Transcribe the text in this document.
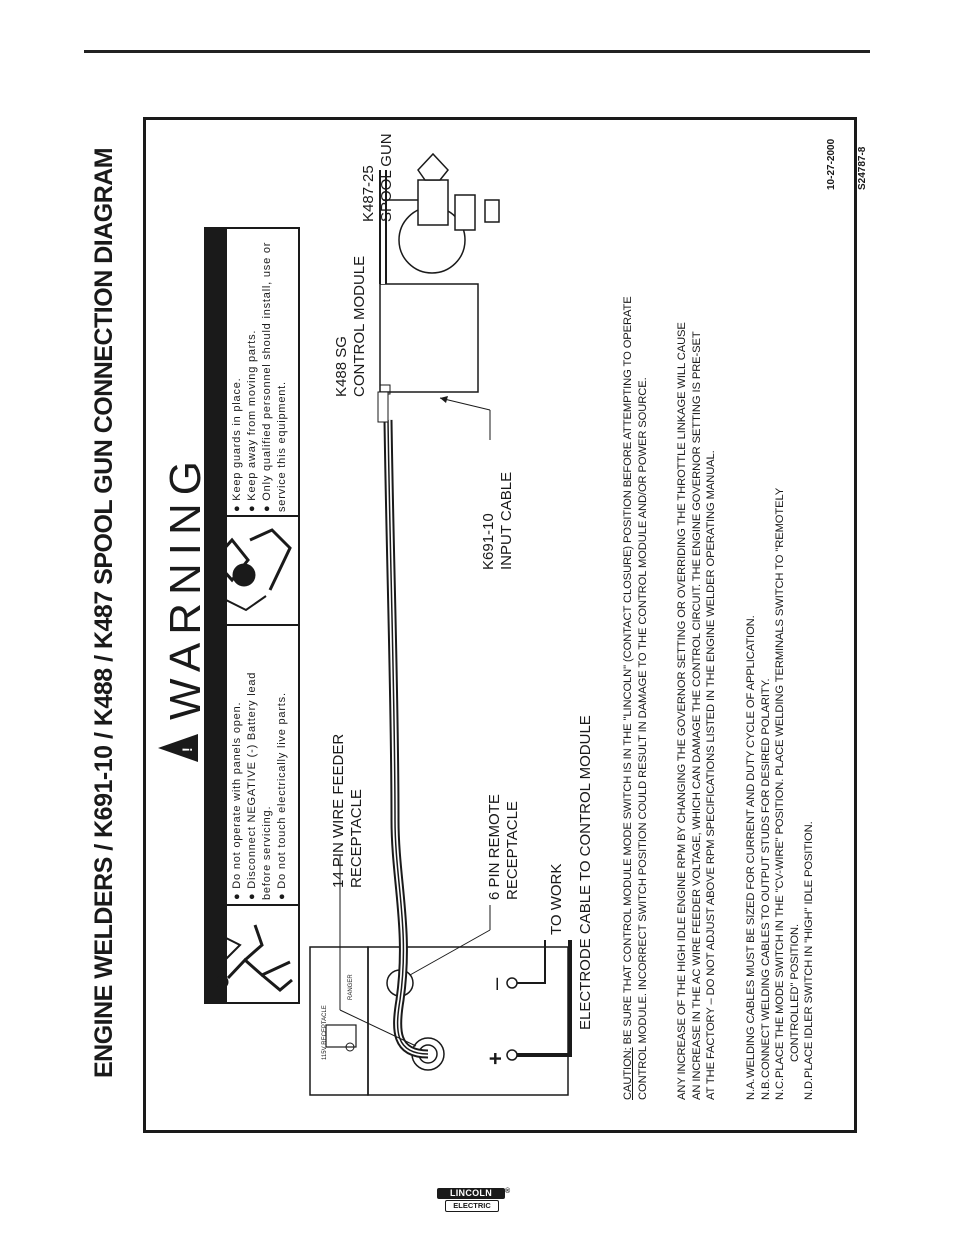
ENGINE WELDERS / K691-10 / K488 / K487 SPOOL GUN CONNECTION DIAGRAM	!
WARNING
● Do not operate with panels open.
● Disconnect NEGATIVE (-) Battery lead before servicing. ● Do not touch electrically live parts.
● Keep guards in place.
● Keep away from moving parts.
● Only qualified personnel should install, use or service this equipment.
115V RECEPTACLE
RANGER
+
–
14 PIN WIRE FEEDER RECEPTACLE	6 PIN REMOTE RECEPTACLE TO WORK ELECTRODE CABLE TO CONTROL MODULE
K691-10 INPUT CABLE
K488 SG CONTROL MODULE
K487-25 SPOOL GUN
CAUTION: BE SURE THAT CONTROL MODULE MODE SWITCH IS IN THE "LINCOLN" (CONTACT CLOSURE) POSITION BEFORE ATTEMPTING TO OPERATE CONTROL MODULE. INCORRECT SWITCH POSITION COULD RESULT IN DAMAGE TO THE CONTROL MODULE AND/OR POWER SOURCE. ANY INCREASE OF THE HIGH IDLE ENGINE RPM BY CHANGING THE GOVERNOR SETTING OR OVERRIDING THE THROTTLE LINKAGE WILL CAUSE AN INCREASE IN THE AC WIRE FEEDER VOLTAGE, WHICH CAN DAMAGE THE CONTROL CIRCUIT. THE ENGINE GOVERNOR SETTING IS PRE-SET AT THE FACTORY – DO NOT ADJUST ABOVE RPM SPECIFICATIONS LISTED IN THE ENGINE WELDER OPERATING MANUAL.	N.A.WELDING CABLES MUST BE SIZED FOR CURRENT AND DUTY CYCLE OF APPLICATION.
N.B.CONNECT WELDING CABLES TO OUTPUT STUDS FOR DESIRED POLARITY.
N.C.PLACE THE MODE SWITCH IN THE "CV-WIRE" POSITION. PLACE WELDING TERMINALS SWITCH TO "REMOTELY CONTROLLED" POSITION.
N.D.PLACE IDLER SWITCH IN "HIGH" IDLE POSITION.
10-27-2000 S24787-8
LINCOLN
ELECTRIC
®
